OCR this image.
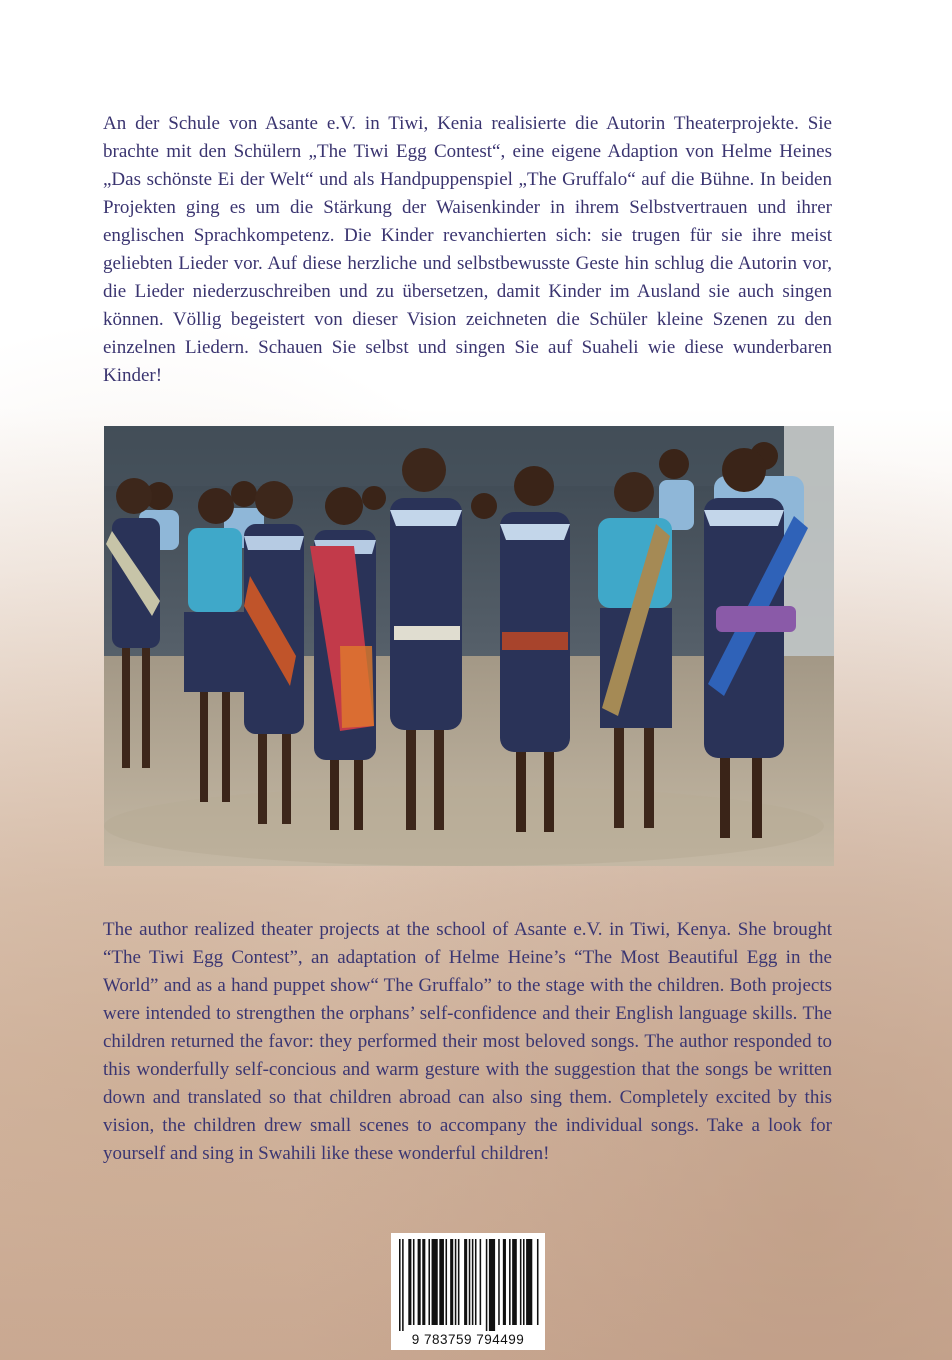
An der Schule von Asante e.V. in Tiwi, Kenia realisierte die Autorin Theaterprojekte. Sie brachte mit den Schülern „The Tiwi Egg Contest“, eine eigene Adaption von Helme Heines „Das schönste Ei der Welt“ und als Handpuppenspiel „The Gruffalo“ auf die Bühne. In beiden Projekten ging es um die Stärkung der Waisenkinder in ihrem Selbstvertrauen und ihrer englischen Sprachkompetenz. Die Kinder revanchierten sich: sie trugen für sie ihre meist geliebten Lieder vor. Auf diese herzliche und selbstbewusste Geste hin schlug die Autorin vor, die Lieder niederzuschreiben und zu übersetzen, damit Kinder im Ausland sie auch singen können. Völlig begeistert von dieser Vision zeichneten die Schüler kleine Szenen zu den einzelnen Liedern. Schauen Sie selbst und singen Sie auf Suaheli wie diese wunderbaren Kinder!

The author realized theater projects at the school of Asante e.V. in Tiwi, Kenya. She brought “The Tiwi Egg Contest”, an adaptation of Helme Heine’s “The Most Beautiful Egg in the World” and as a hand puppet show“ The Gruffalo” to the stage with the children. Both projects were intended to strengthen the orphans’ self-confidence and their English language skills. The children returned the favor: they performed their most beloved songs. The author responded to this wonderfully self-concious and warm gesture with the suggestion that the songs be written down and translated so that children abroad can also sing them. Completely excited by this vision, the children drew small scenes to accompany the individual songs. Take a look for yourself and sing in Swahili like these wonderful children!

9 783759 794499
